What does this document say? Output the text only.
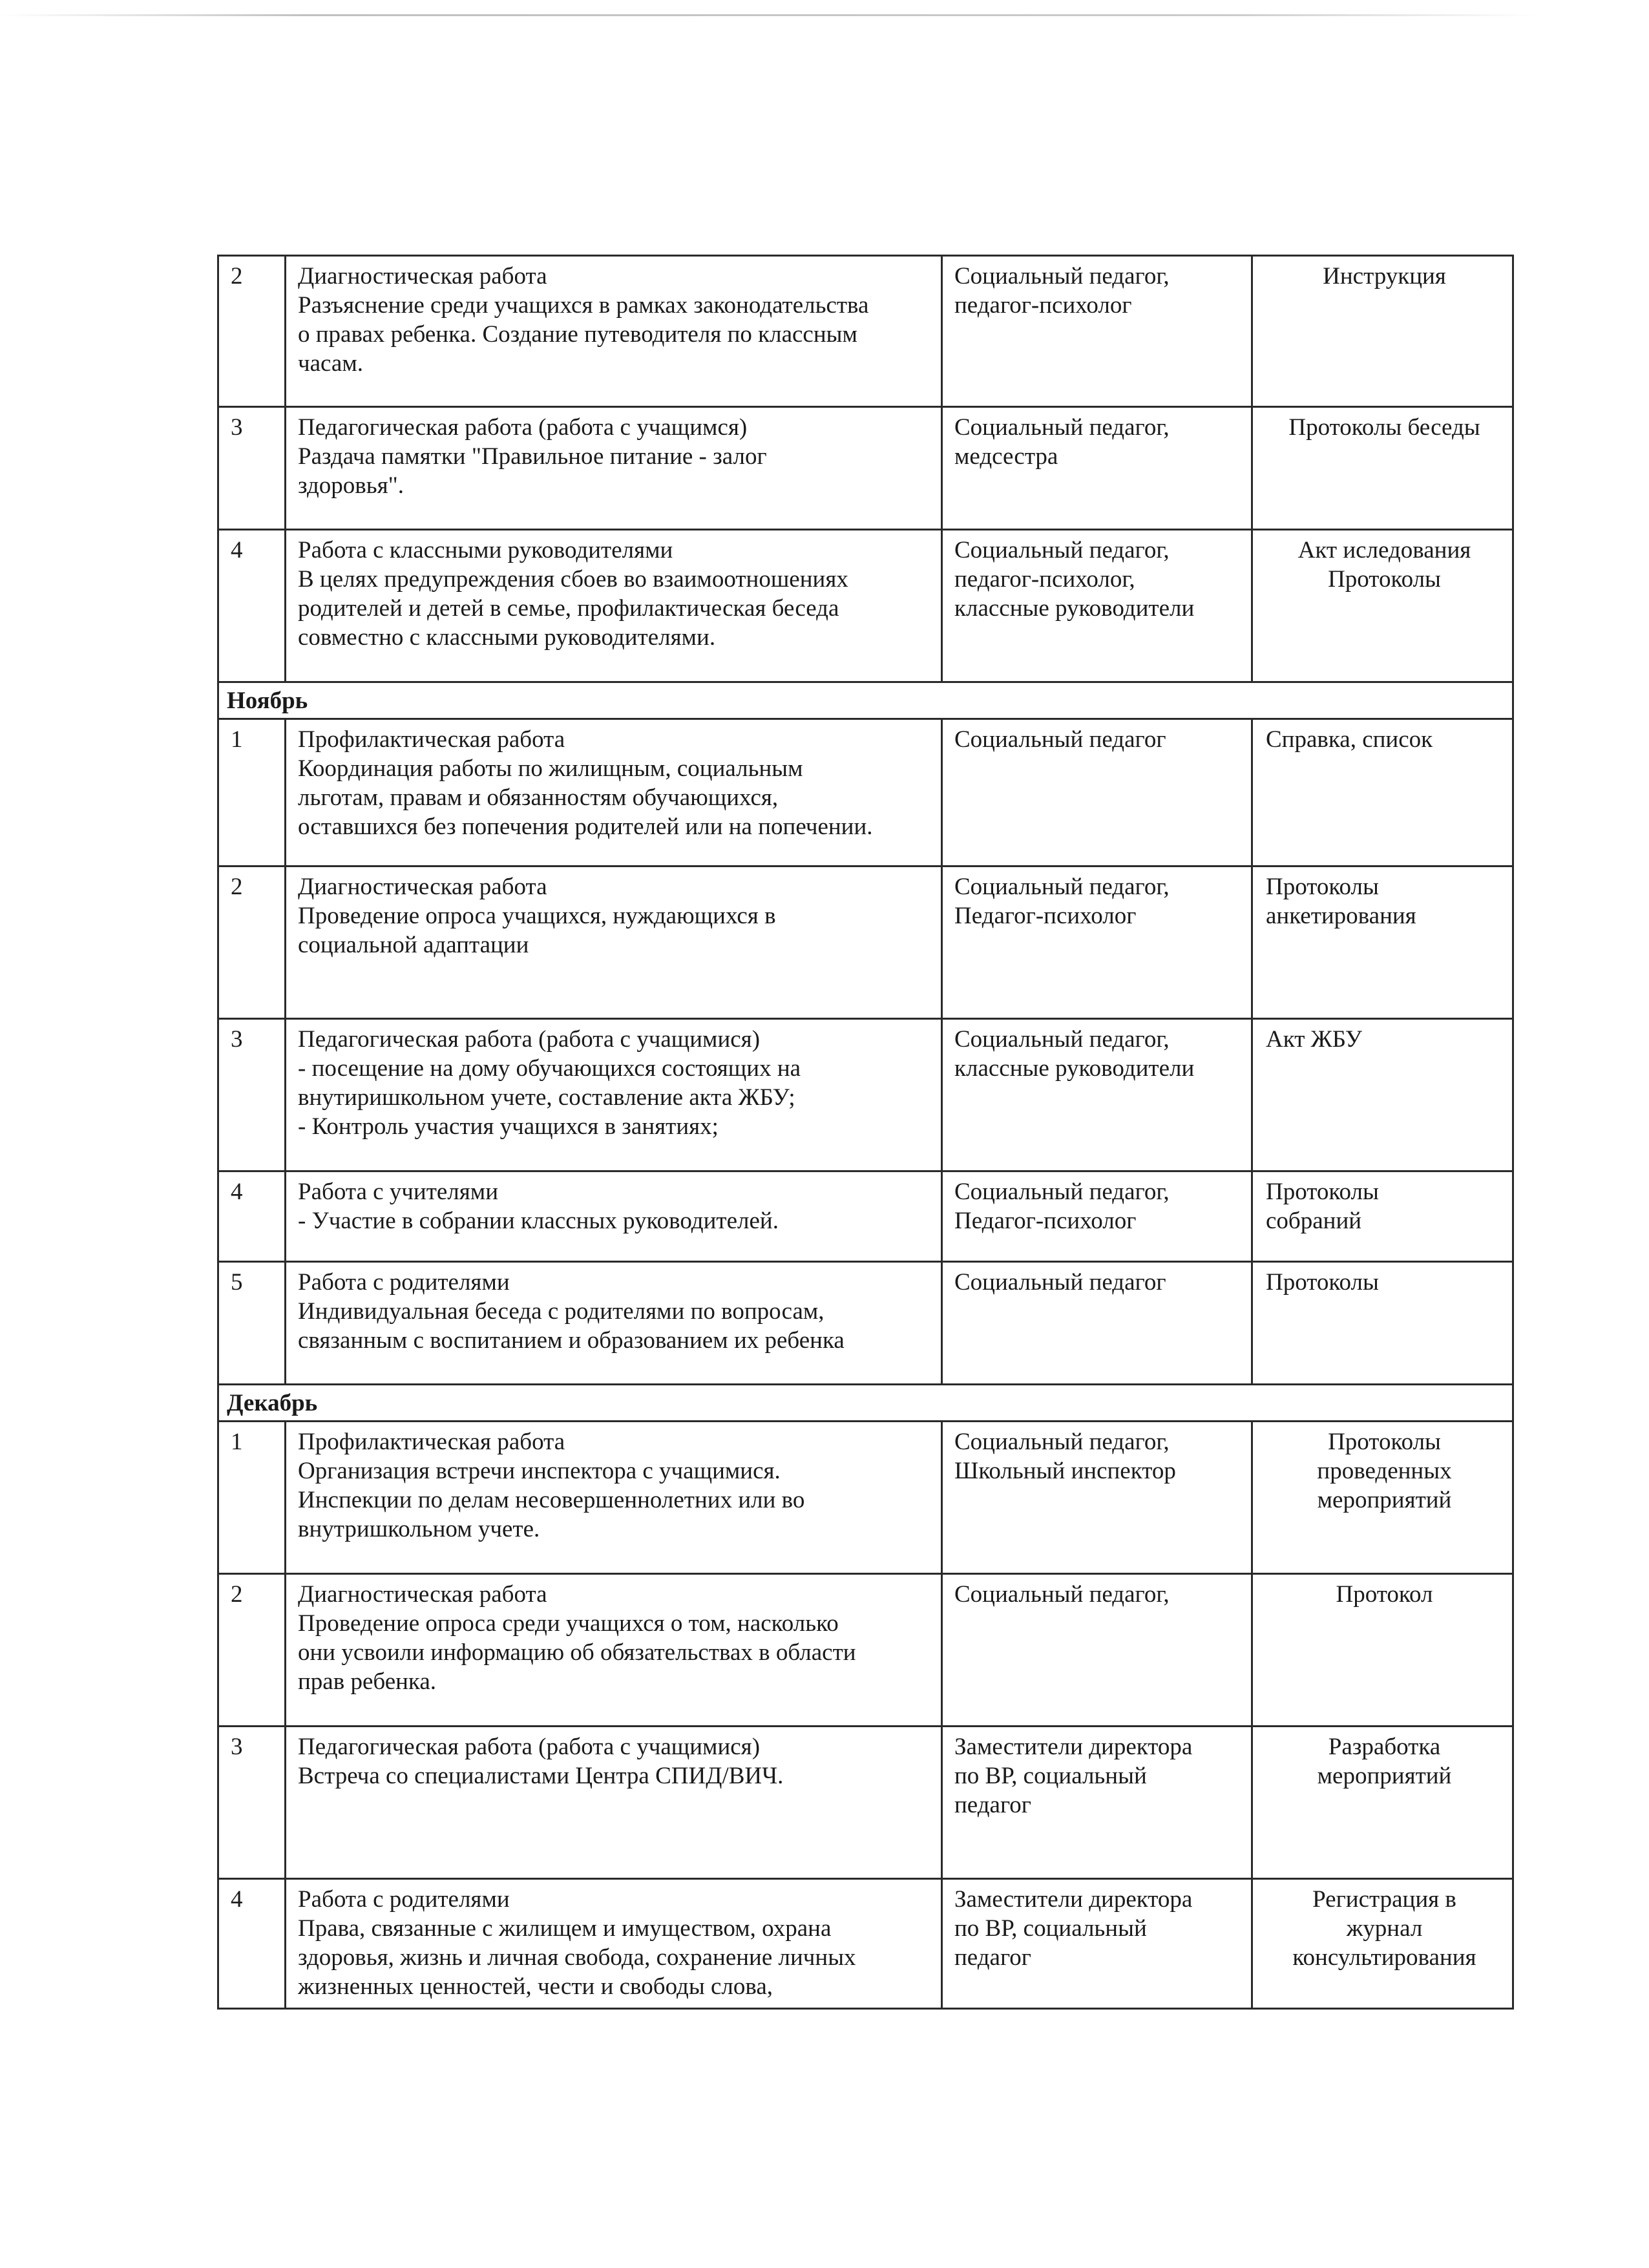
2	Диагностическая работа
Разъяснение среди учащихся в рамках законодательства
о правах ребенка. Создание путеводителя по классным
часам.	Социальный педагог,
педагог-психолог	Инструкция

3	Педагогическая работа (работа с учащимся)
Раздача памятки "Правильное питание - залог
здоровья".	Социальный педагог,
медсестра	Протоколы беседы

4	Работа с классными руководителями
В целях предупреждения сбоев во взаимоотношениях
родителей и детей в семье, профилактическая беседа
совместно с классными руководителями.	Социальный педагог,
педагог-психолог,
классные руководители	Акт иследования
Протоколы

Ноябрь			
1	Профилактическая работа
Координация работы по жилищным, социальным
льготам, правам и обязанностям обучающихся,
оставшихся без попечения родителей или на попечении.	Социальный педагог	Справка, список

2	Диагностическая работа
Проведение опроса учащихся, нуждающихся в
социальной адаптации	Социальный педагог,
Педагог-психолог	Протоколы
анкетирования

3	Педагогическая работа (работа с учащимися)
- посещение на дому обучающихся состоящих на
внутиришкольном учете, составление акта ЖБУ;
- Контроль участия учащихся в занятиях;	Социальный педагог,
классные руководители	Акт ЖБУ

4	Работа с учителями
- Участие в собрании классных руководителей.	Социальный педагог,
Педагог-психолог	Протоколы
собраний

5	Работа с родителями
Индивидуальная беседа с родителями по вопросам,
связанным с воспитанием и образованием их ребенка	Социальный педагог	Протоколы

Декабрь			
1	Профилактическая работа
Организация встречи инспектора с учащимися.
Инспекции по делам несовершеннолетних или во
внутришкольном учете.	Социальный педагог,
Школьный инспектор	Протоколы
проведенных
мероприятий

2	Диагностическая работа
Проведение опроса среди учащихся о том, насколько
они усвоили информацию об обязательствах в области
прав ребенка.	Социальный педагог,	Протокол

3	Педагогическая работа (работа с учащимися)
Встреча со специалистами Центра СПИД/ВИЧ.	Заместители директора
по ВР, социальный
педагог	Разработка
мероприятий

4	Работа с родителями
Права, связанные с жилищем и имуществом, охрана
здоровья, жизнь и личная свобода, сохранение личных
жизненных ценностей, чести и свободы слова,	Заместители директора
по ВР, социальный
педагог	Регистрация в
журнал
консультирования
